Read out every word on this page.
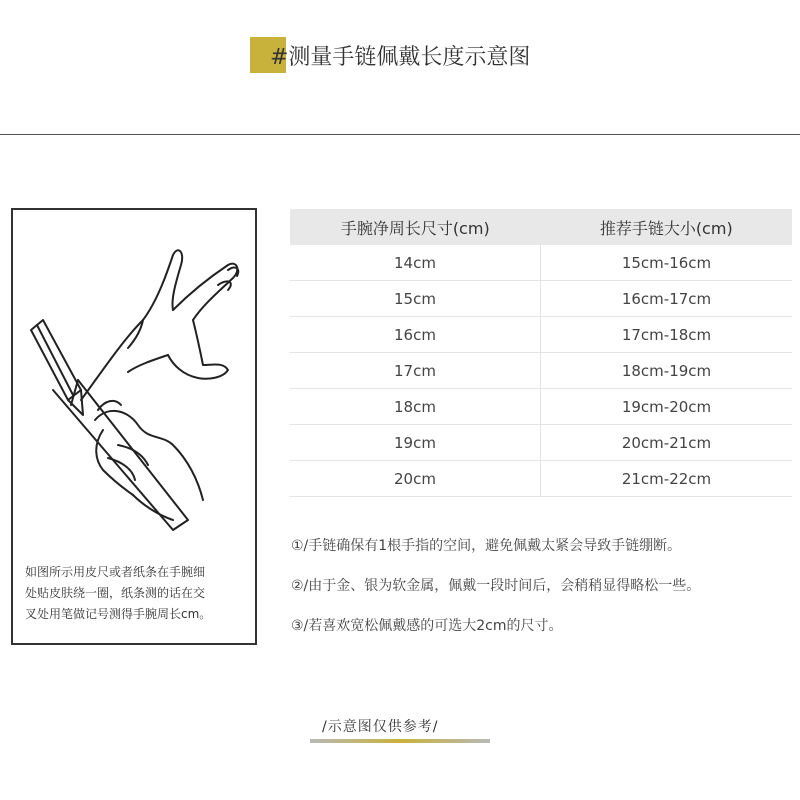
#测量手链佩戴长度示意图
如图所示用皮尺或者纸条在手腕细
处贴皮肤绕一圈，纸条测的话在交
叉处用笔做记号测得手腕周长cm。
手腕净周长尺寸(cm)	推荐手链大小(cm)
14cm	15cm-16cm
15cm	16cm-17cm
16cm	17cm-18cm
17cm	18cm-19cm
18cm	19cm-20cm
19cm	20cm-21cm
20cm	21cm-22cm

①/手链确保有1根手指的空间，避免佩戴太紧会导致手链绷断。

②/由于金、银为软金属，佩戴一段时间后，会稍稍显得略松一些。

③/若喜欢宽松佩戴感的可选大2cm的尺寸。

/示意图仅供参考/
